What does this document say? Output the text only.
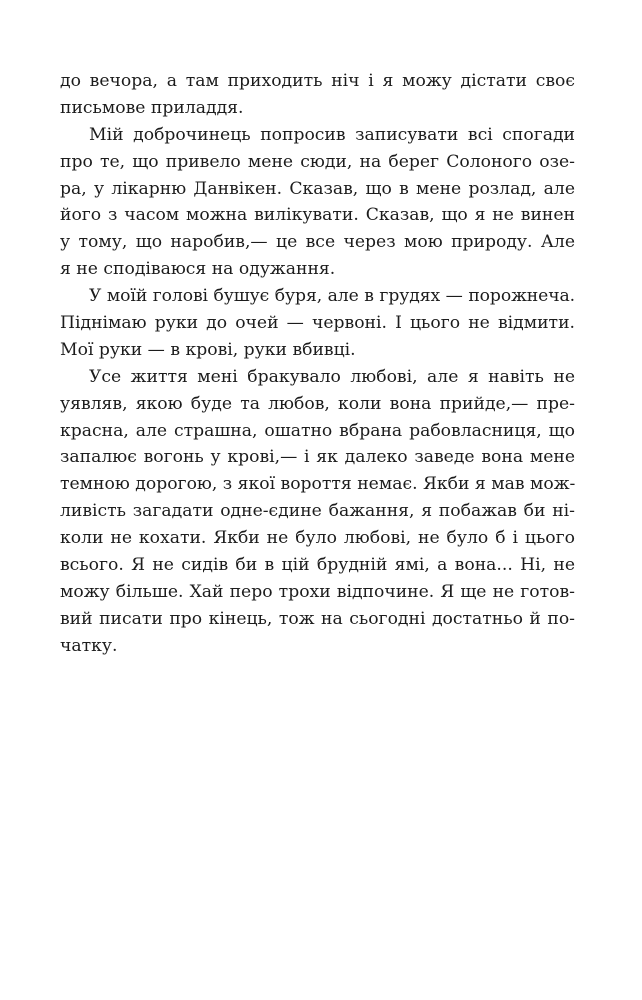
до вечора, а там приходить ніч і я можу дістати своє
письмове приладдя.
Мій доброчинець попросив записувати всі спогади
про те, що привело мене сюди, на берег Солоного озе-
ра, у лікарню Данвікен. Сказав, що в мене розлад, але
його з часом можна вилікувати. Сказав, що я не винен
у тому, що наробив,— це все через мою природу. Але
я не сподіваюся на одужання.
У моїй голові бушує буря, але в грудях — порожнеча.
Піднімаю руки до очей — червоні. І цього не відмити.
Мої руки — в крові, руки вбивці.
Усе життя мені бракувало любові, але я навіть не
уявляв, якою буде та любов, коли вона прийде,— пре-
красна, але страшна, ошатно вбрана рабовласниця, що
запалює вогонь у крові,— і як далеко заведе вона мене
темною дорогою, з якої вороття немає. Якби я мав мож-
ливість загадати одне-єдине бажання, я побажав би ні-
коли не кохати. Якби не було любові, не було б і цього
всього. Я не сидів би в цій брудній ямі, а вона... Ні, не
можу більше. Хай перо трохи відпочине. Я ще не готов-
вий писати про кінець, тож на сьогодні достатньо й по-
чатку.
